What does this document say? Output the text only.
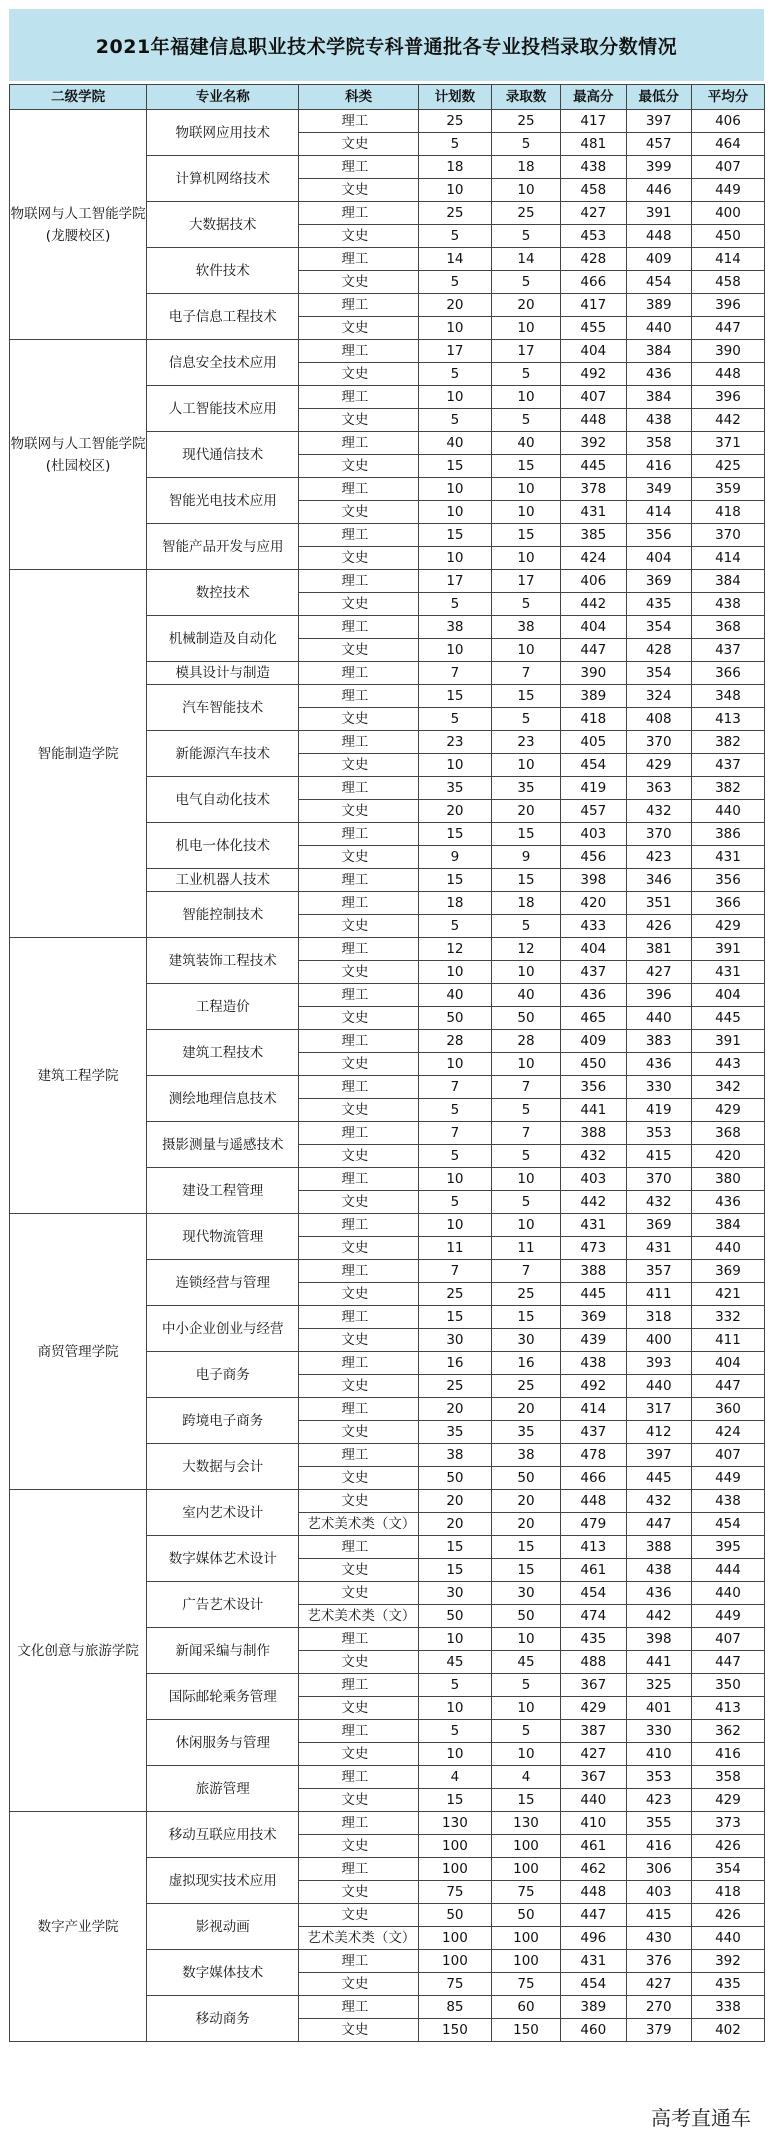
2021年福建信息职业技术学院专科普通批各专业投档录取分数情况
二级学院	专业名称	科类	计划数	录取数	最高分	最低分	平均分
物联网与人工智能学院
(龙腰校区)	物联网应用技术	理工	25	25	417	397	406
		文史	5	5	481	457	464
	计算机网络技术	理工	18	18	438	399	407
		文史	10	10	458	446	449
	大数据技术	理工	25	25	427	391	400
		文史	5	5	453	448	450
	软件技术	理工	14	14	428	409	414
		文史	5	5	466	454	458
	电子信息工程技术	理工	20	20	417	389	396
		文史	10	10	455	440	447
物联网与人工智能学院
(杜园校区)	信息安全技术应用	理工	17	17	404	384	390
		文史	5	5	492	436	448
	人工智能技术应用	理工	10	10	407	384	396
		文史	5	5	448	438	442
	现代通信技术	理工	40	40	392	358	371
		文史	15	15	445	416	425
	智能光电技术应用	理工	10	10	378	349	359
		文史	10	10	431	414	418
	智能产品开发与应用	理工	15	15	385	356	370
		文史	10	10	424	404	414
智能制造学院	数控技术	理工	17	17	406	369	384
		文史	5	5	442	435	438
	机械制造及自动化	理工	38	38	404	354	368
		文史	10	10	447	428	437
	模具设计与制造	理工	7	7	390	354	366
	汽车智能技术	理工	15	15	389	324	348
		文史	5	5	418	408	413
	新能源汽车技术	理工	23	23	405	370	382
		文史	10	10	454	429	437
	电气自动化技术	理工	35	35	419	363	382
		文史	20	20	457	432	440
	机电一体化技术	理工	15	15	403	370	386
		文史	9	9	456	423	431
	工业机器人技术	理工	15	15	398	346	356
	智能控制技术	理工	18	18	420	351	366
		文史	5	5	433	426	429
建筑工程学院	建筑装饰工程技术	理工	12	12	404	381	391
		文史	10	10	437	427	431
	工程造价	理工	40	40	436	396	404
		文史	50	50	465	440	445
	建筑工程技术	理工	28	28	409	383	391
		文史	10	10	450	436	443
	测绘地理信息技术	理工	7	7	356	330	342
		文史	5	5	441	419	429
	摄影测量与遥感技术	理工	7	7	388	353	368
		文史	5	5	432	415	420
	建设工程管理	理工	10	10	403	370	380
		文史	5	5	442	432	436
商贸管理学院	现代物流管理	理工	10	10	431	369	384
		文史	11	11	473	431	440
	连锁经营与管理	理工	7	7	388	357	369
		文史	25	25	445	411	421
	中小企业创业与经营	理工	15	15	369	318	332
		文史	30	30	439	400	411
	电子商务	理工	16	16	438	393	404
		文史	25	25	492	440	447
	跨境电子商务	理工	20	20	414	317	360
		文史	35	35	437	412	424
	大数据与会计	理工	38	38	478	397	407
		文史	50	50	466	445	449
文化创意与旅游学院	室内艺术设计	文史	20	20	448	432	438
		艺术美术类（文）	20	20	479	447	454
	数字媒体艺术设计	理工	15	15	413	388	395
		文史	15	15	461	438	444
	广告艺术设计	文史	30	30	454	436	440
		艺术美术类（文）	50	50	474	442	449
	新闻采编与制作	理工	10	10	435	398	407
		文史	45	45	488	441	447
	国际邮轮乘务管理	理工	5	5	367	325	350
		文史	10	10	429	401	413
	休闲服务与管理	理工	5	5	387	330	362
		文史	10	10	427	410	416
	旅游管理	理工	4	4	367	353	358
		文史	15	15	440	423	429
数字产业学院	移动互联应用技术	理工	130	130	410	355	373
		文史	100	100	461	416	426
	虚拟现实技术应用	理工	100	100	462	306	354
		文史	75	75	448	403	418
	影视动画	文史	50	50	447	415	426
		艺术美术类（文）	100	100	496	430	440
	数字媒体技术	理工	100	100	431	376	392
		文史	75	75	454	427	435
	移动商务	理工	85	60	389	270	338
		文史	150	150	460	379	402
高考直通车
